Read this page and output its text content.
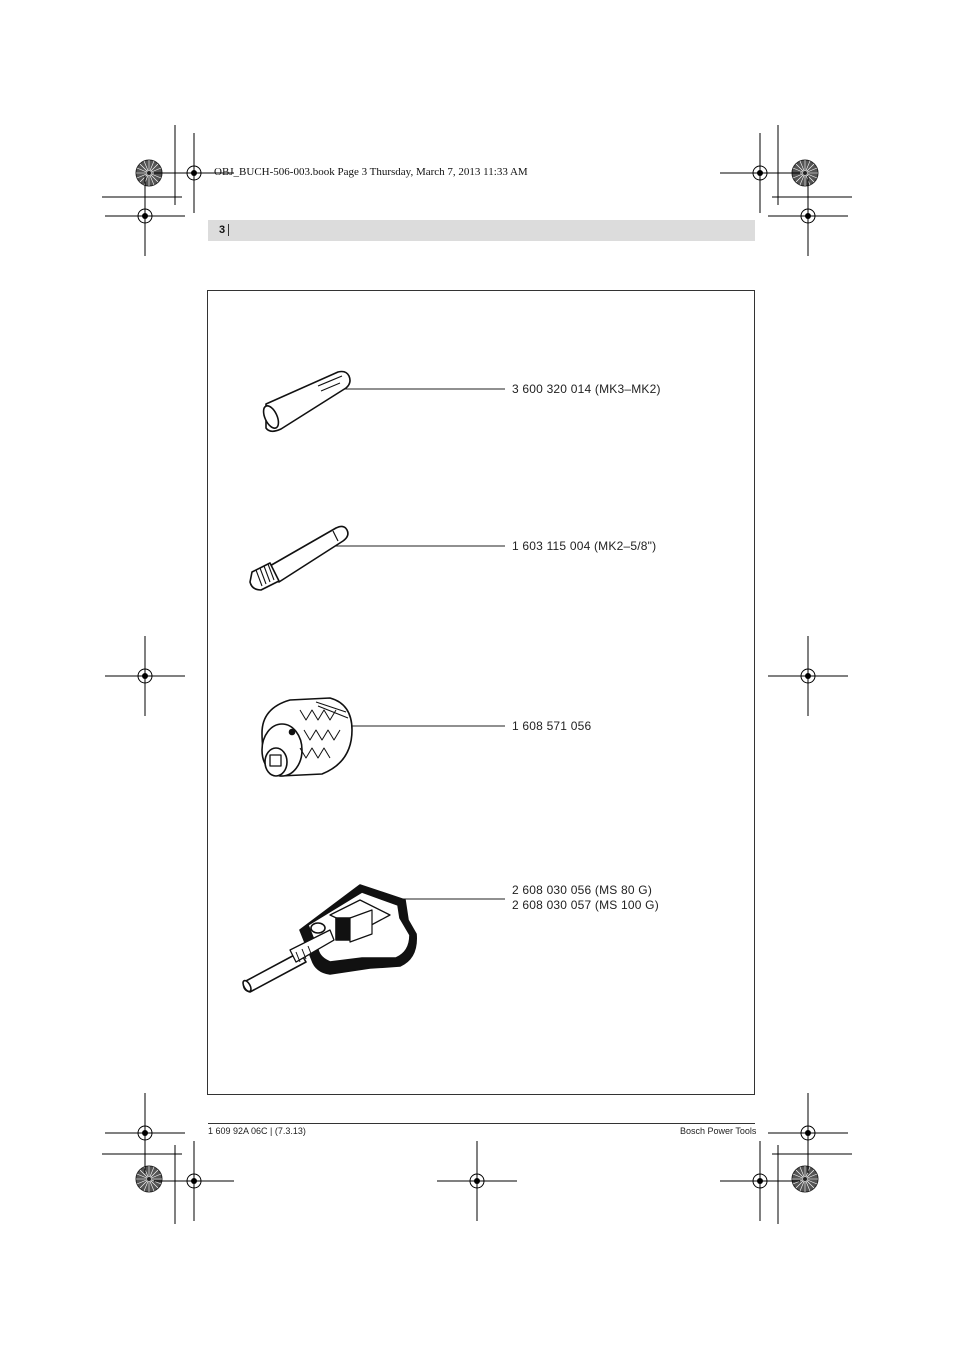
OBJ_BUCH-506-003.book Page 3 Thursday, March 7, 2013 11:33 AM
3
3 600 320 014 (MK3–MK2)
1 603 115 004 (MK2–5/8")
1 608 571 056
2 608 030 056 (MS 80 G)
2 608 030 057 (MS 100 G)
1 609 92A 06C | (7.3.13)	Bosch Power Tools
